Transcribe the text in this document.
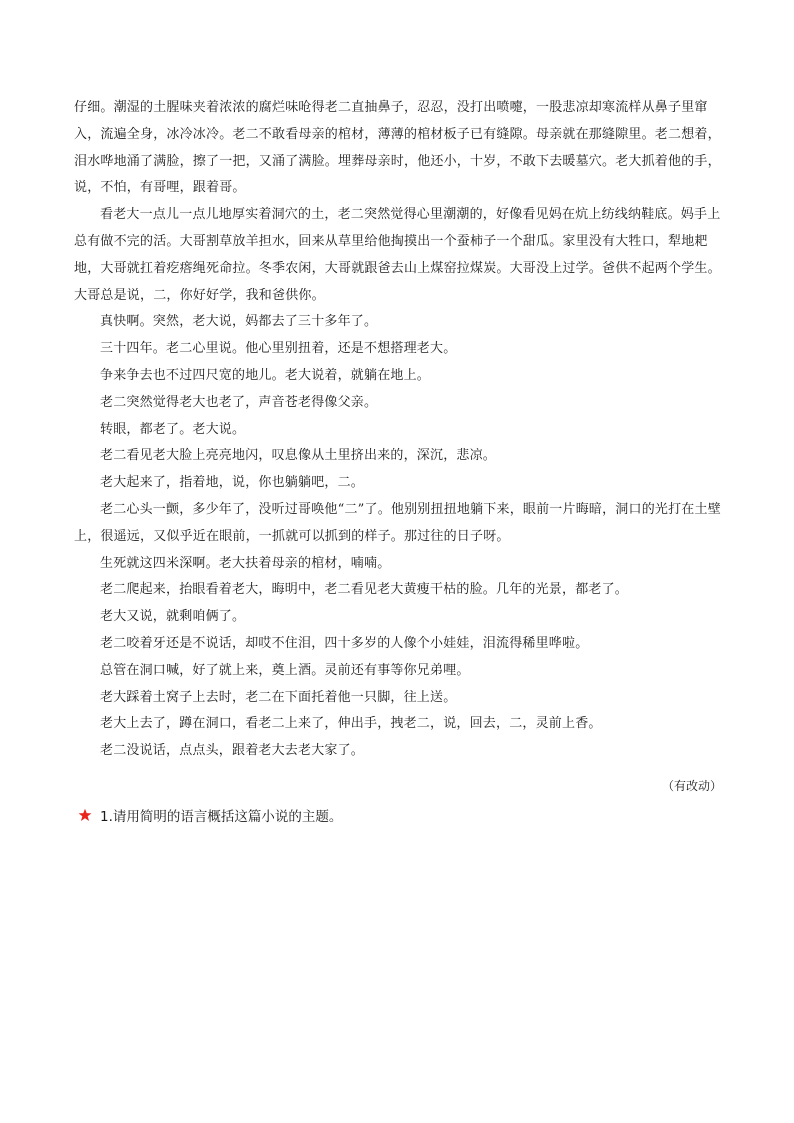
仔细。潮湿的土腥味夹着浓浓的腐烂味呛得老二直抽鼻子，忍忍，没打出喷嚏，一股悲凉却寒流样从鼻子里窜入，流遍全身，冰冷冰冷。老二不敢看母亲的棺材，薄薄的棺材板子已有缝隙。母亲就在那缝隙里。老二想着，泪水哗地涌了满脸，擦了一把，又涌了满脸。埋葬母亲时，他还小，十岁，不敢下去暖墓穴。老大抓着他的手，说，不怕，有哥哩，跟着哥。

看老大一点儿一点儿地厚实着洞穴的土，老二突然觉得心里潮潮的，好像看见妈在炕上纺线纳鞋底。妈手上总有做不完的活。大哥割草放羊担水，回来从草里给他掏摸出一个蚕柿子一个甜瓜。家里没有大牲口，犁地耙地，大哥就扛着疙瘩绳死命拉。冬季农闲，大哥就跟爸去山上煤窑拉煤炭。大哥没上过学。爸供不起两个学生。大哥总是说，二，你好好学，我和爸供你。

真快啊。突然，老大说，妈都去了三十多年了。

三十四年。老二心里说。他心里别扭着，还是不想搭理老大。

争来争去也不过四尺宽的地儿。老大说着，就躺在地上。

老二突然觉得老大也老了，声音苍老得像父亲。

转眼，都老了。老大说。

老二看见老大脸上亮亮地闪，叹息像从土里挤出来的，深沉，悲凉。

老大起来了，指着地，说，你也躺躺吧，二。

老二心头一颤，多少年了，没听过哥唤他“二”了。他别别扭扭地躺下来，眼前一片晦暗，洞口的光打在土壁上，很遥远，又似乎近在眼前，一抓就可以抓到的样子。那过往的日子呀。

生死就这四米深啊。老大扶着母亲的棺材，喃喃。

老二爬起来，抬眼看着老大，晦明中，老二看见老大黄瘦干枯的脸。几年的光景，都老了。

老大又说，就剩咱俩了。

老二咬着牙还是不说话，却哎不住泪，四十多岁的人像个小娃娃，泪流得稀里哗啦。

总管在洞口喊，好了就上来，奠上酒。灵前还有事等你兄弟哩。

老大踩着土窝子上去时，老二在下面托着他一只脚，往上送。

老大上去了，蹲在洞口，看老二上来了，伸出手，拽老二，说，回去，二，灵前上香。

老二没说话，点点头，跟着老大去老大家了。

（有改动）
1.请用简明的语言概括这篇小说的主题。
